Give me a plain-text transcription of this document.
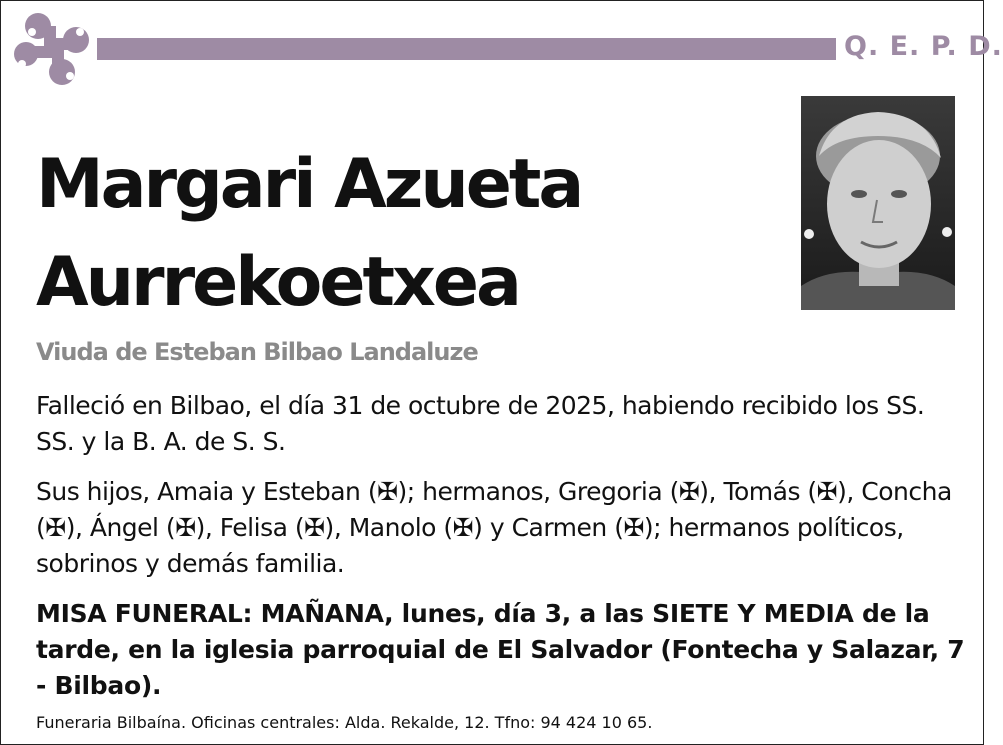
Q. E. P. D.
Margari Azueta
Aurrekoetxea
Viuda de Esteban Bilbao Landaluze
Falleció en Bilbao, el día 31 de octubre de 2025, habiendo recibido los SS. SS. y la B. A. de S. S.
Sus hijos, Amaia y Esteban (✠); hermanos, Gregoria (✠), Tomás (✠), Concha (✠), Ángel (✠), Felisa (✠), Manolo (✠) y Carmen (✠); hermanos políticos, sobrinos y demás familia.
MISA FUNERAL: MAÑANA, lunes, día 3, a las SIETE Y MEDIA de la tarde, en la iglesia parroquial de El Salvador (Fontecha y Salazar, 7 - Bilbao).
Funeraria Bilbaína. Oficinas centrales: Alda. Rekalde, 12. Tfno: 94 424 10 65.
